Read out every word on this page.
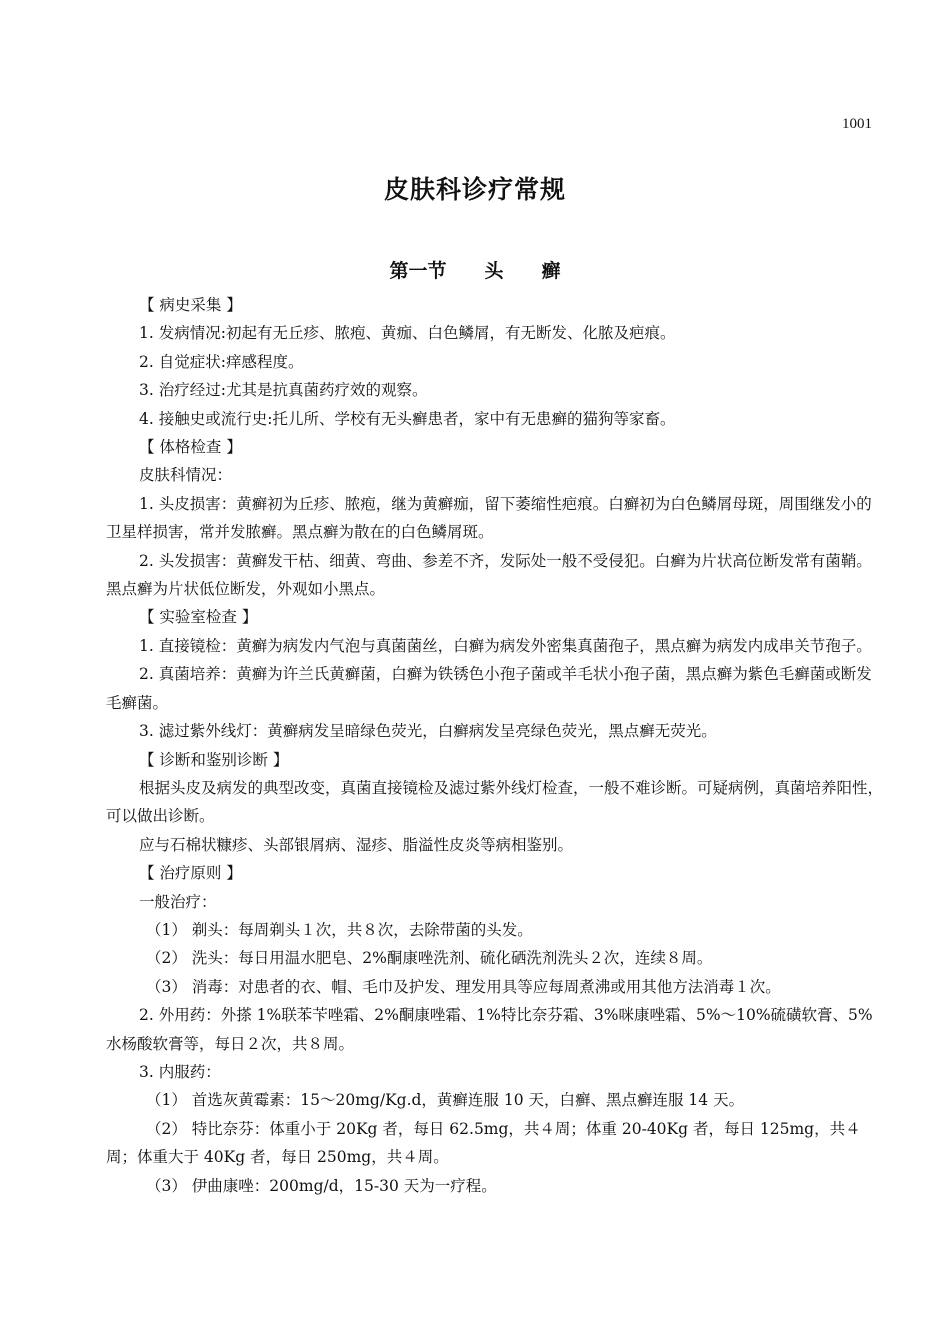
1001
皮肤科诊疗常规
第一节　　头　　癣

【 病史采集 】

1. 发病情况:初起有无丘疹、脓疱、黄痂、白色鳞屑，有无断发、化脓及疤痕。

2. 自觉症状:痒感程度。

3. 治疗经过:尤其是抗真菌药疗效的观察。

4. 接触史或流行史:托儿所、学校有无头癣患者，家中有无患癣的猫狗等家畜。

【 体格检查 】

皮肤科情况：

1. 头皮损害：黄癣初为丘疹、脓疱，继为黄癣痂，留下萎缩性疤痕。白癣初为白色鳞屑母斑，周围继发小的卫星样损害，常并发脓癣。黑点癣为散在的白色鳞屑斑。

2. 头发损害：黄癣发干枯、细黄、弯曲、参差不齐，发际处一般不受侵犯。白癣为片状高位断发常有菌鞘。黑点癣为片状低位断发，外观如小黑点。

【 实验室检查 】

1. 直接镜检：黄癣为病发内气泡与真菌菌丝，白癣为病发外密集真菌孢子，黑点癣为病发内成串关节孢子。

2. 真菌培养：黄癣为许兰氏黄癣菌，白癣为铁锈色小孢子菌或羊毛状小孢子菌，黑点癣为紫色毛癣菌或断发毛癣菌。

3. 滤过紫外线灯：黄癣病发呈暗绿色荧光，白癣病发呈亮绿色荧光，黑点癣无荧光。

【 诊断和鉴别诊断 】

根据头皮及病发的典型改变，真菌直接镜检及滤过紫外线灯检查，一般不难诊断。可疑病例，真菌培养阳性，可以做出诊断。

应与石棉状糠疹、头部银屑病、湿疹、脂溢性皮炎等病相鉴别。

【 治疗原则 】

一般治疗：

（1） 剃头：每周剃头１次，共８次，去除带菌的头发。

（2） 洗头：每日用温水肥皂、2%酮康唑洗剂、硫化硒洗剂洗头２次，连续８周。

（3） 消毒：对患者的衣、帽、毛巾及护发、理发用具等应每周煮沸或用其他方法消毒１次。

2. 外用药：外搽 1%联苯苄唑霜、2%酮康唑霜、1%特比奈芬霜、3%咪康唑霜、5%～10%硫磺软膏、5%水杨酸软膏等，每日２次，共８周。

3. 内服药：

（1） 首选灰黄霉素：15～20mg/Kg.d，黄癣连服 10 天，白癣、黑点癣连服 14 天。

（2） 特比奈芬：体重小于 20Kg 者，每日 62.5mg，共４周；体重 20-40Kg 者，每日 125mg，共４周；体重大于 40Kg 者，每日 250mg，共４周。

（3） 伊曲康唑：200mg/d，15-30 天为一疗程。
